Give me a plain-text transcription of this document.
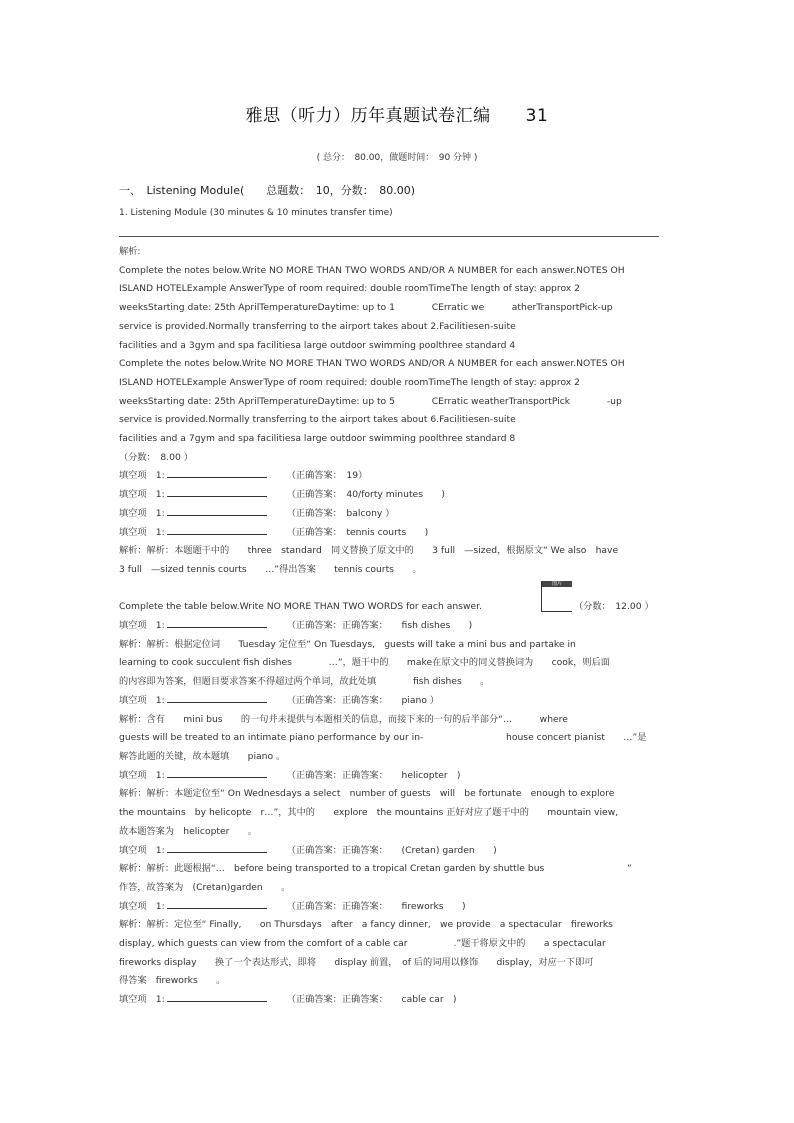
雅思（听力）历年真题试卷汇编　　31
( 总分：　80.00，做题时间：　90 分钟 )
一、　Listening Module(　　总题数：　10，分数：　80.00)
1. Listening Module (30 minutes & 10 minutes transfer time)

解析:

Complete the notes below.Write NO MORE THAN TWO WORDS AND/OR A NUMBER for each answer.NOTES OH

ISLAND HOTELExample AnswerType of room required: double roomTimeThe length of stay: approx 2

weeksStarting date: 25th AprilTemperatureDaytime: up to 1　　　　CErratic we　　　atherTransportPick-up

service is provided.Normally transferring to the airport takes about 2.Facilitiesen-suite

facilities and a 3gym and spa facilitiesa large outdoor swimming poolthree standard 4

Complete the notes below.Write NO MORE THAN TWO WORDS AND/OR A NUMBER for each answer.NOTES OH

ISLAND HOTELExample AnswerType of room required: double roomTimeThe length of stay: approx 2

weeksStarting date: 25th AprilTemperatureDaytime: up to 5　　　　CErratic weatherTransportPick　　　　-up

service is provided.Normally transferring to the airport takes about 6.Facilitiesen-suite

facilities and a 7gym and spa facilitiesa large outdoor swimming poolthree standard 8

（分数：　8.00 ）

填空项　1:	（正确答案：　19）

填空项　1:	（正确答案：　40/forty minutes　　)

填空项　1:	（正确答案：　balcony ）

填空项　1:	（正确答案：　tennis courts　　)

解析：解析：本题题干中的　　three　standard　同义替换了原文中的　　3 full　—sized，根据原文“ We also　have

3 full　—sized tennis courts　　…”得出答案　　tennis courts　　。

Complete the table below.Write NO MORE THAN TWO WORDS for each answer.	（分数：　12.00 ）

填空项　1:	（正确答案：正确答案：　　fish dishes　　)

解析：解析：根据定位词　　Tuesday 定位至“ On Tuesdays,　guests will take a mini bus and partake in

learning to cook succulent fish dishes　　　　…”，题干中的　　make在原文中的同义替换词为　　cook，则后面

的内容即为答案，但题目要求答案不得超过两个单词，故此处填　　　　fish dishes　　。

填空项　1:	（正确答案：正确答案：　　piano ）

解析：含有　　mini bus　　的一句并未提供与本题相关的信息，而接下来的一句的后半部分“…　　　where

guests will be treated to an intimate piano performance by our in-　　　　　　　　　house concert pianist　　…”是

解答此题的关键，故本题填　　piano 。

填空项　1:	（正确答案：正确答案：　　helicopter　)

解析：解析：本题定位至“ On Wednesdays a select　number of guests　will　be fortunate　enough to explore

the mountains　by helicopte　r…”，其中的　　explore　the mountains 正好对应了题干中的　　mountain view,

故本题答案为　helicopter　　。

填空项　1:	（正确答案：正确答案：　　(Cretan) garden　　)

解析：解析：此题根据“…　before being transported to a tropical Cretan garden by shuttle bus　　　　　　　　　”

作答，故答案为　(Cretan)garden　　。

填空项　1:	（正确答案：正确答案：　　fireworks　　)

解析：解析：定位至“ Finally,　　on Thursdays　after　a fancy dinner,　we provide　a spectacular　fireworks

display, which guests can view from the comfort of a cable car　　　　　.”题干将原文中的　　a spectacular

fireworks display　　换了一个表达形式，即将　　display 前置，　of 后的词用以修饰　　display，对应一下即可

得答案　fireworks　　。

填空项　1:	（正确答案：正确答案：　　cable car　)

图片
